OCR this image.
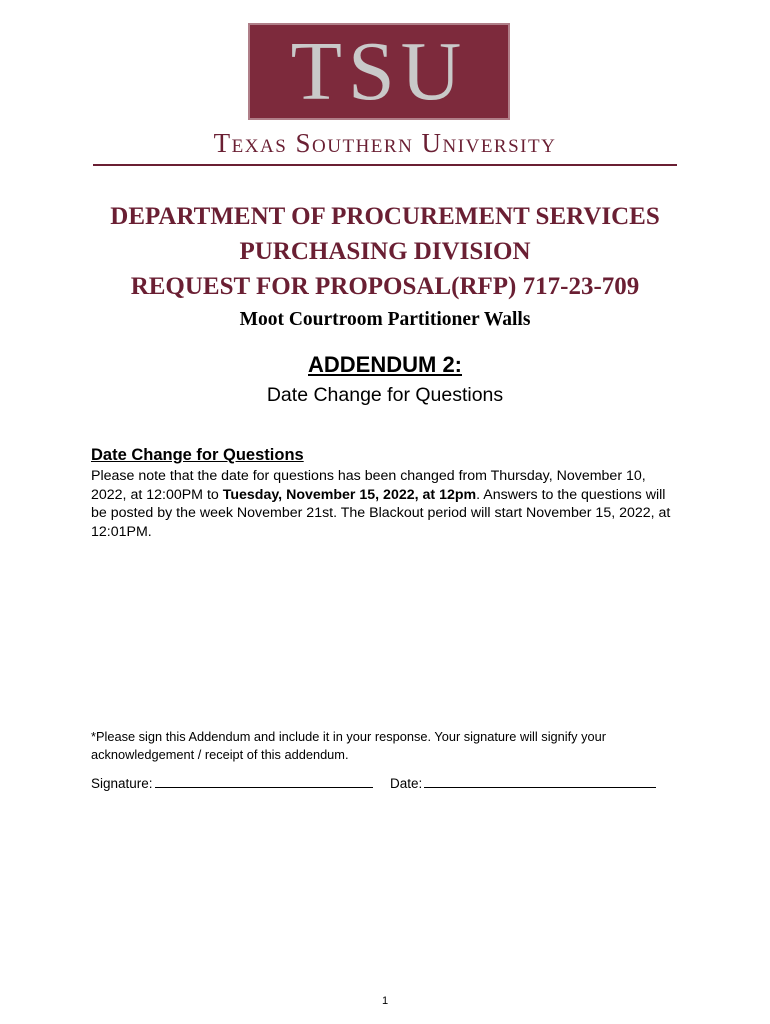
TSU
Texas Southern University
DEPARTMENT OF PROCUREMENT SERVICES
PURCHASING DIVISION
REQUEST FOR PROPOSAL(RFP) 717-23-709
Moot Courtroom Partitioner Walls
ADDENDUM 2:
Date Change for Questions
Date Change for Questions
Please note that the date for questions has been changed from Thursday, November 10, 2022, at 12:00PM to Tuesday, November 15, 2022, at 12pm. Answers to the questions will be posted by the week November 21st. The Blackout period will start November 15, 2022, at 12:01PM.
*Please sign this Addendum and include it in your response. Your signature will signify your acknowledgement / receipt of this addendum.
Signature:	Date:
1
